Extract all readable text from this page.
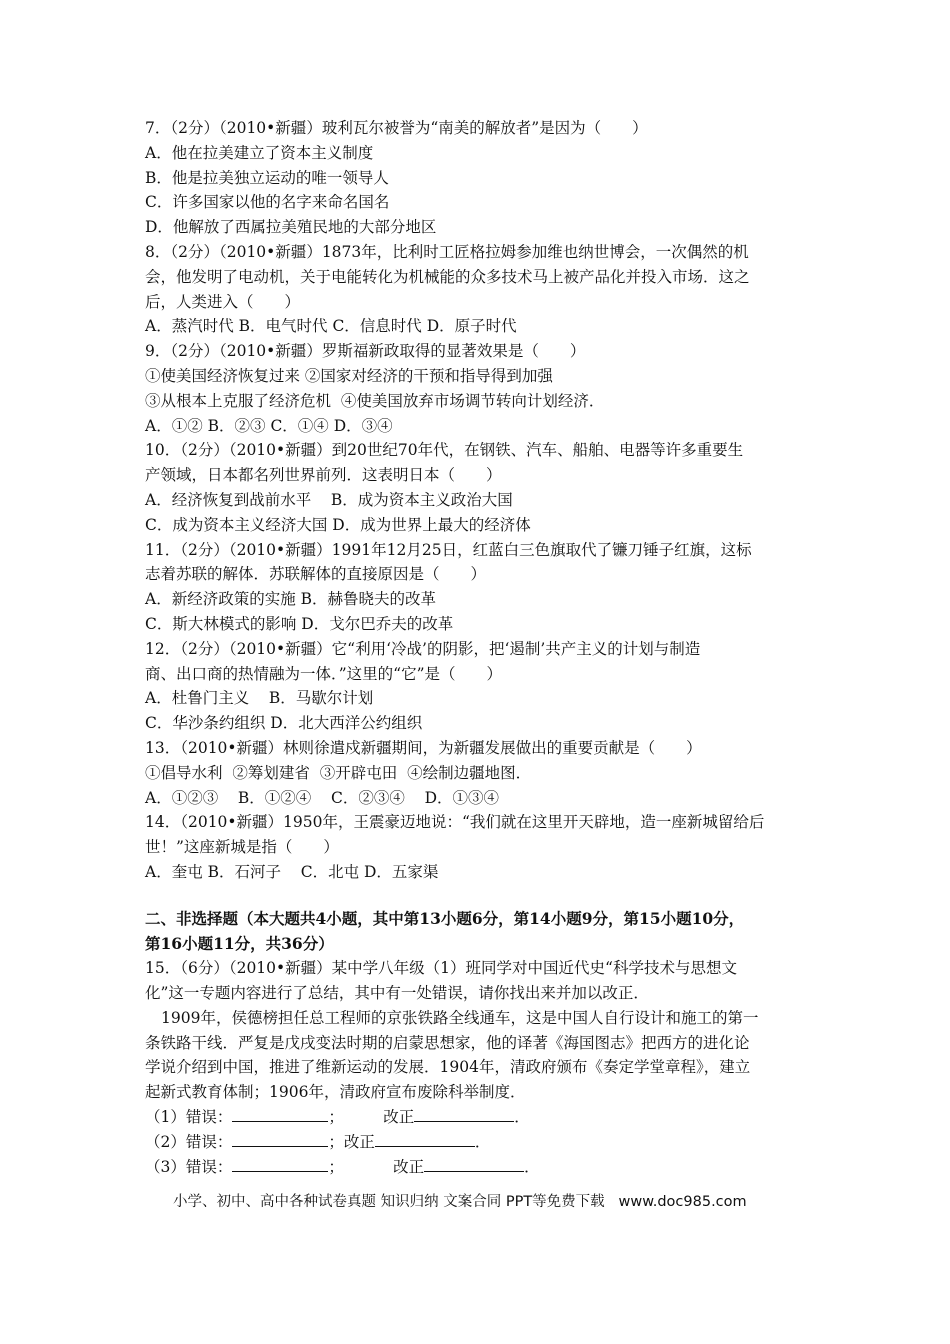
7．（2分）（2010•新疆）玻利瓦尔被誉为“南美的解放者”是因为（　　）
A．他在拉美建立了资本主义制度
B．他是拉美独立运动的唯一领导人
C．许多国家以他的名字来命名国名
D．他解放了西属拉美殖民地的大部分地区
8．（2分）（2010•新疆）1873年，比利时工匠格拉姆参加维也纳世博会，一次偶然的机
会，他发明了电动机，关于电能转化为机械能的众多技术马上被产品化并投入市场．这之
后，人类进入（　　）
A．蒸汽时代 B．电气时代 C．信息时代 D．原子时代
9．（2分）（2010•新疆）罗斯福新政取得的显著效果是（　　）
①使美国经济恢复过来 ②国家对经济的干预和指导得到加强
③从根本上克服了经济危机  ④使美国放弃市场调节转向计划经济．
A．①② B．②③ C．①④ D．③④
10．（2分）（2010•新疆）到20世纪70年代，在钢铁、汽车、船舶、电器等许多重要生
产领域，日本都名列世界前列．这表明日本（　　）
A．经济恢复到战前水平    B．成为资本主义政治大国
C．成为资本主义经济大国 D．成为世界上最大的经济体
11．（2分）（2010•新疆）1991年12月25日，红蓝白三色旗取代了镰刀锤子红旗，这标
志着苏联的解体．苏联解体的直接原因是（　　）
A．新经济政策的实施 B．赫鲁晓夫的改革
C．斯大林模式的影响 D．戈尔巴乔夫的改革
12．（2分）（2010•新疆）它“利用‘冷战’的阴影，把‘遏制’共产主义的计划与制造
商、出口商的热情融为一体．”这里的“它”是（　　）
A．杜鲁门主义    B．马歇尔计划
C．华沙条约组织 D．北大西洋公约组织
13．（2010•新疆）林则徐遣戍新疆期间，为新疆发展做出的重要贡献是（　　）
①倡导水利  ②筹划建省  ③开辟屯田  ④绘制边疆地图．
A．①②③    B．①②④    C．②③④    D．①③④
14．（2010•新疆）1950年，王震豪迈地说：“我们就在这里开天辟地，造一座新城留给后
世！”这座新城是指（　　）
A．奎屯 B．石河子    C．北屯 D．五家渠
二、非选择题（本大题共4小题，其中第13小题6分，第14小题9分，第15小题10分，
第16小题11分，共36分）
15．（6分）（2010•新疆）某中学八年级（1）班同学对中国近代史“科学技术与思想文
化”这一专题内容进行了总结，其中有一处错误，请你找出来并加以改正．
1909年，侯德榜担任总工程师的京张铁路全线通车，这是中国人自行设计和施工的第一
条铁路干线．严复是戊戌变法时期的启蒙思想家，他的译著《海国图志》把西方的进化论
学说介绍到中国，推进了维新运动的发展．1904年，清政府颁布《奏定学堂章程》，建立
起新式教育体制；1906年，清政府宣布废除科举制度．
（1）错误：	；        改正	．
（2）错误：	；改正	．
（3）错误：	；          改正	．
小学、初中、高中各种试卷真题 知识归纳 文案合同 PPT等免费下载   www.doc985.com
